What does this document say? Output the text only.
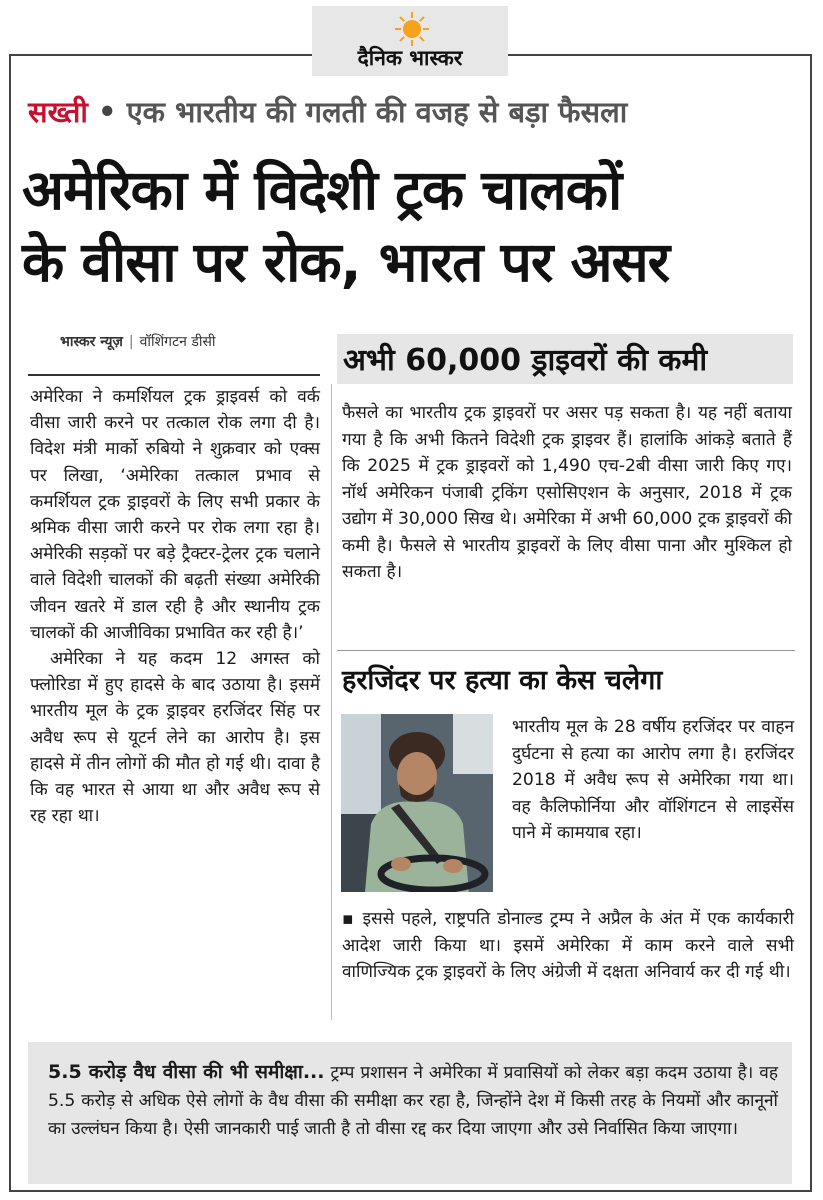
दैनिक भास्कर
सख्ती • एक भारतीय की गलती की वजह से बड़ा फैसला
अमेरिका में विदेशी ट्रक चालकों
के वीसा पर रोक, भारत पर असर
भास्कर न्यूज़ | वॉशिंगटन डीसी

अमेरिका ने कमर्शियल ट्रक ड्राइवर्स को वर्क वीसा जारी करने पर तत्काल रोक लगा दी है। विदेश मंत्री मार्को रुबियो ने शुक्रवार को एक्स पर लिखा, ‘अमेरिका तत्काल प्रभाव से कमर्शियल ट्रक ड्राइवरों के लिए सभी प्रकार के श्रमिक वीसा जारी करने पर रोक लगा रहा है। अमेरिकी सड़कों पर बड़े ट्रैक्टर-ट्रेलर ट्रक चलाने वाले विदेशी चालकों की बढ़ती संख्या अमेरिकी जीवन खतरे में डाल रही है और स्थानीय ट्रक चालकों की आजीविका प्रभावित कर रही है।’

अमेरिका ने यह कदम 12 अगस्त को फ्लोरिडा में हुए हादसे के बाद उठाया है। इसमें भारतीय मूल के ट्रक ड्राइवर हरजिंदर सिंह पर अवैध रूप से यूटर्न लेने का आरोप है। इस हादसे में तीन लोगों की मौत हो गई थी। दावा है कि वह भारत से आया था और अवैध रूप से रह रहा था।

अभी 60,000 ड्राइवरों की कमी

फैसले का भारतीय ट्रक ड्राइवरों पर असर पड़ सकता है। यह नहीं बताया गया है कि अभी कितने विदेशी ट्रक ड्राइवर हैं। हालांकि आंकड़े बताते हैं कि 2025 में ट्रक ड्राइवरों को 1,490 एच-2बी वीसा जारी किए गए। नॉर्थ अमेरिकन पंजाबी ट्रकिंग एसोसिएशन के अनुसार, 2018 में ट्रक उद्योग में 30,000 सिख थे। अमेरिका में अभी 60,000 ट्रक ड्राइवरों की कमी है। फैसले से भारतीय ड्राइवरों के लिए वीसा पाना और मुश्किल हो सकता है।

हरजिंदर पर हत्या का केस चलेगा

भारतीय मूल के 28 वर्षीय हरजिंदर पर वाहन दुर्घटना से हत्या का आरोप लगा है। हरजिंदर 2018 में अवैध रूप से अमेरिका गया था। वह कैलिफोर्निया और वॉशिंगटन से लाइसेंस पाने में कामयाब रहा।

▪ इससे पहले, राष्ट्रपति डोनाल्ड ट्रम्प ने अप्रैल के अंत में एक कार्यकारी आदेश जारी किया था। इसमें अमेरिका में काम करने वाले सभी वाणिज्यिक ट्रक ड्राइवरों के लिए अंग्रेजी में दक्षता अनिवार्य कर दी गई थी।

5.5 करोड़ वैध वीसा की भी समीक्षा... ट्रम्प प्रशासन ने अमेरिका में प्रवासियों को लेकर बड़ा कदम उठाया है। वह 5.5 करोड़ से अधिक ऐसे लोगों के वैध वीसा की समीक्षा कर रहा है, जिन्होंने देश में किसी तरह के नियमों और कानूनों का उल्लंघन किया है। ऐसी जानकारी पाई जाती है तो वीसा रद्द कर दिया जाएगा और उसे निर्वासित किया जाएगा।
